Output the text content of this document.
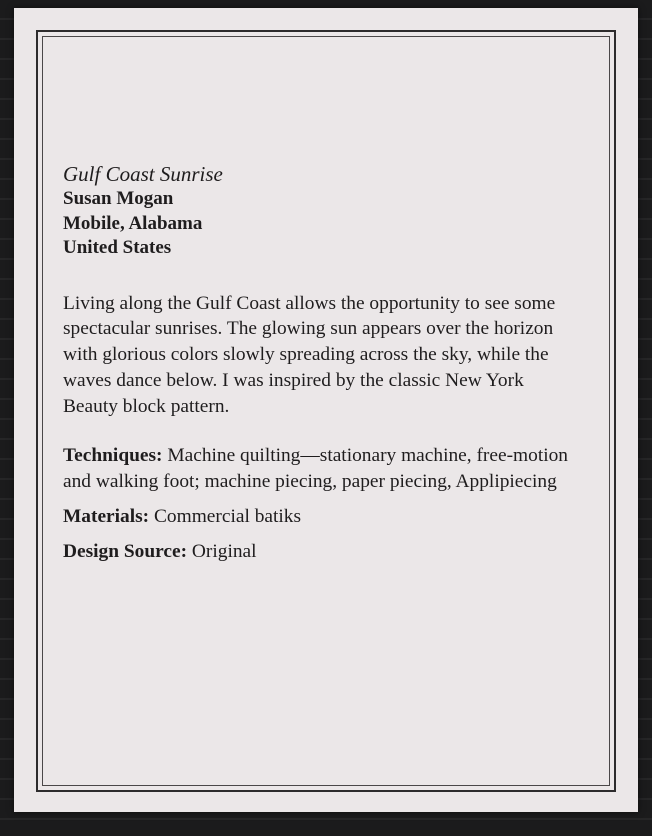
Gulf Coast Sunrise

Susan Mogan

Mobile, Alabama

United States

Living along the Gulf Coast allows the opportunity to see some spectacular sunrises. The glowing sun appears over the horizon with glorious colors slowly spreading across the sky, while the waves dance below. I was inspired by the classic New York Beauty block pattern.

Techniques: Machine quilting—stationary machine, free-motion and walking foot; machine piecing, paper piecing, Applipiecing

Materials: Commercial batiks

Design Source: Original
